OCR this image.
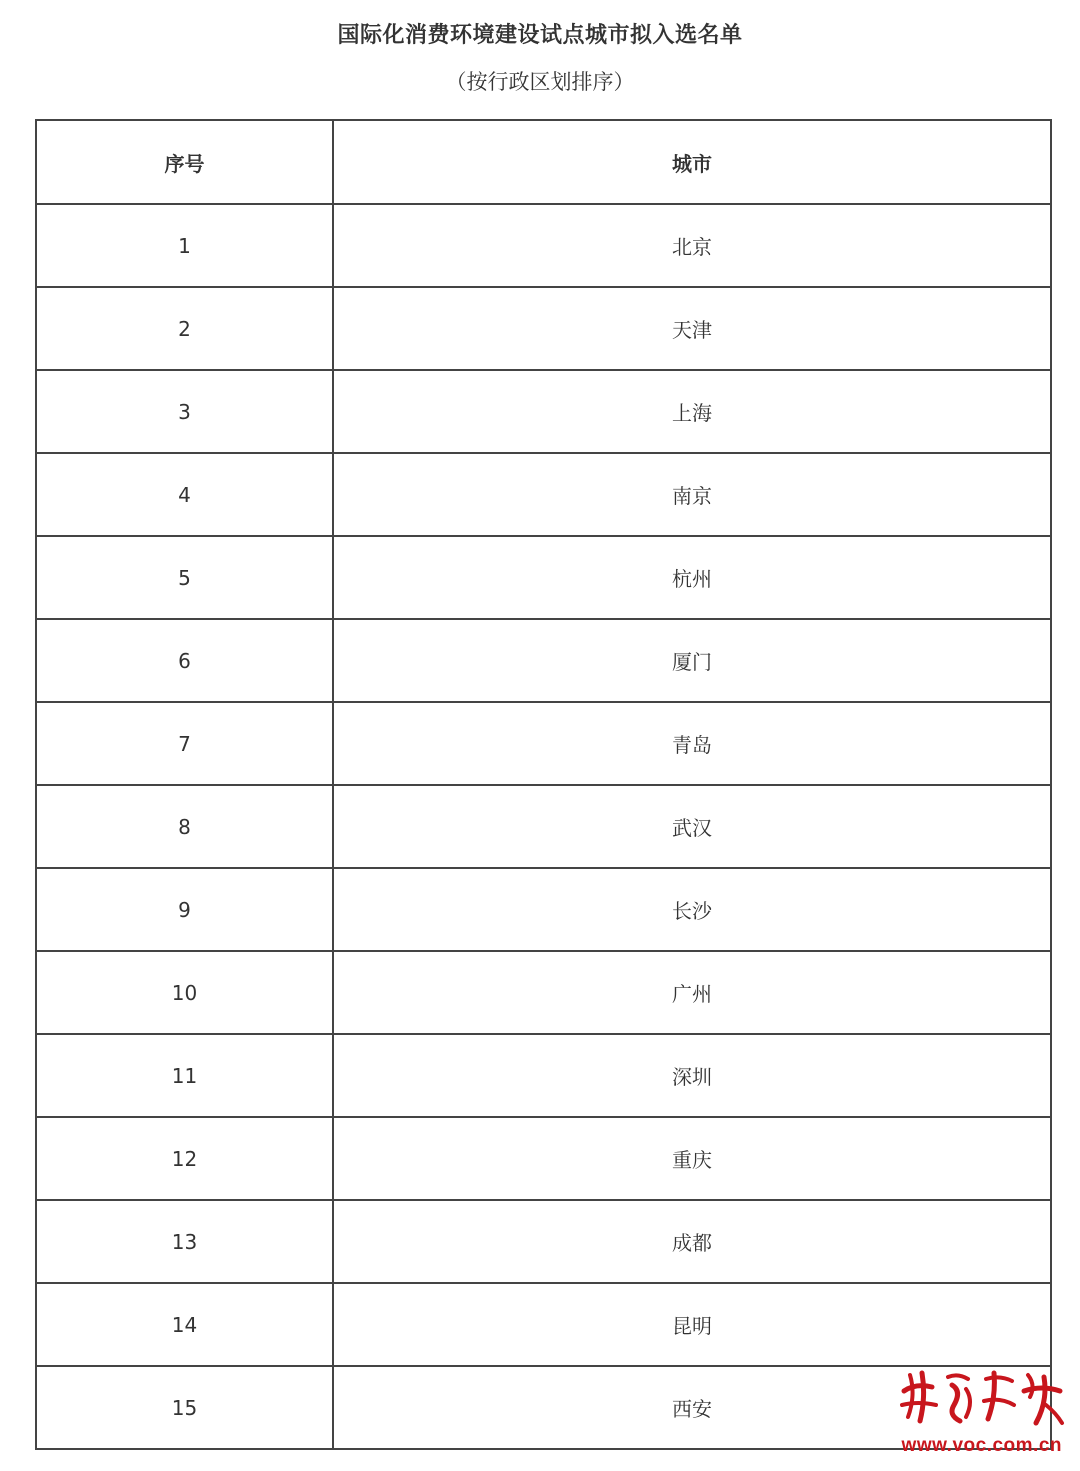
国际化消费环境建设试点城市拟入选名单
（按行政区划排序）
序号	城市
1	北京
2	天津
3	上海
4	南京
5	杭州
6	厦门
7	青岛
8	武汉
9	长沙
10	广州
11	深圳
12	重庆
13	成都
14	昆明
15	西安
www.voc.com.cn
